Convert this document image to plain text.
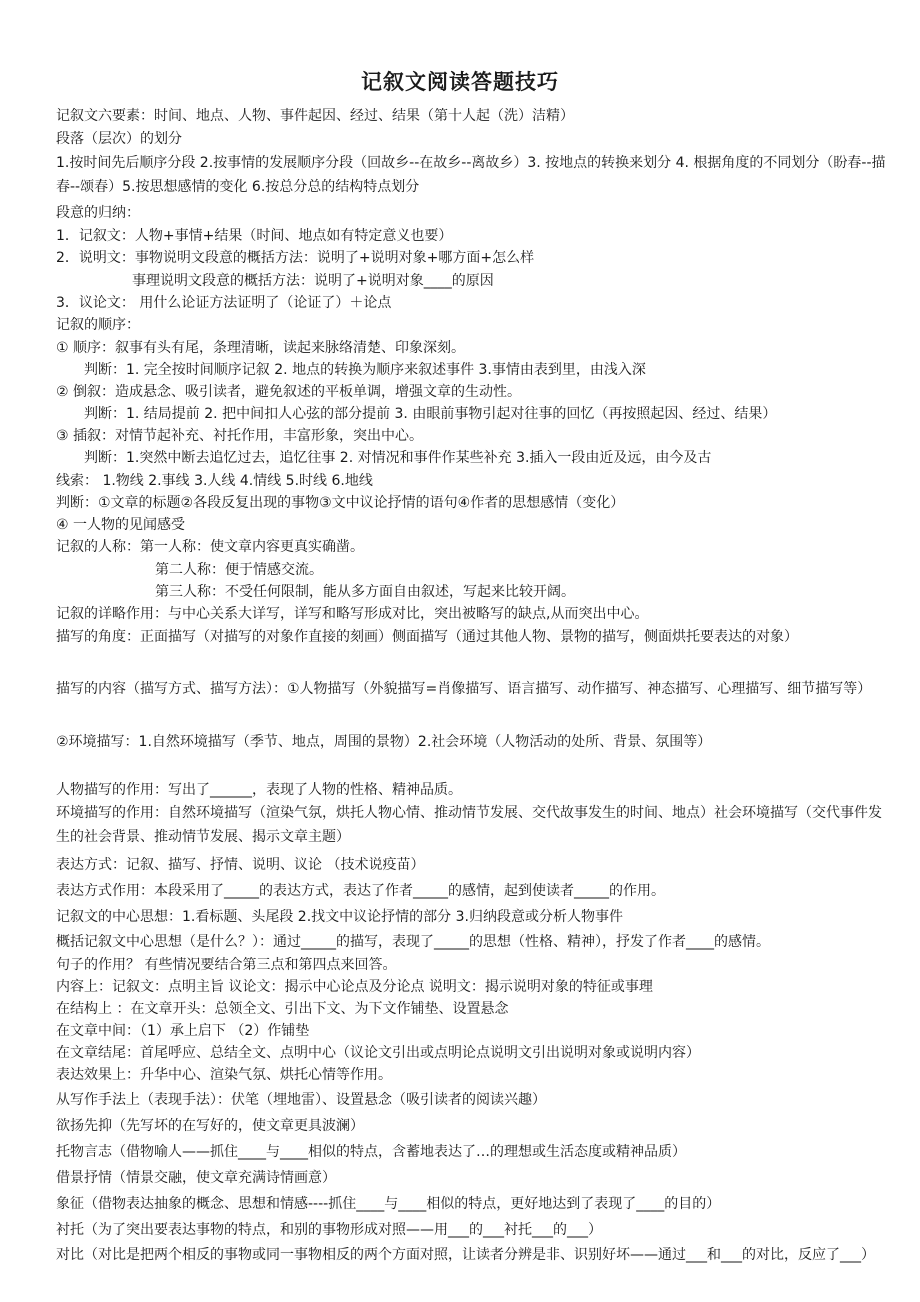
记叙文阅读答题技巧
记叙文六要素：时间、地点、人物、事件起因、经过、结果（第十人起（洗）洁精）
段落（层次）的划分
1.按时间先后顺序分段 2.按事情的发展顺序分段（回故乡--在故乡--离故乡）3. 按地点的转换来划分 4. 根据角度的不同划分（盼春--描春--颂春）5.按思想感情的变化 6.按总分总的结构特点划分
段意的归纳：
1．记叙文：人物+事情+结果（时间、地点如有特定意义也要）
2．说明文：事物说明文段意的概括方法：说明了+说明对象+哪方面+怎么样
事理说明文段意的概括方法：说明了+说明对象____的原因
3．议论文： 用什么论证方法证明了（论证了）＋论点
记叙的顺序：
① 顺序：叙事有头有尾，条理清晰，读起来脉络清楚、印象深刻。
判断：1. 完全按时间顺序记叙 2. 地点的转换为顺序来叙述事件 3.事情由表到里，由浅入深
② 倒叙：造成悬念、吸引读者，避免叙述的平板单调，增强文章的生动性。
判断：1. 结局提前 2. 把中间扣人心弦的部分提前 3. 由眼前事物引起对往事的回忆（再按照起因、经过、结果）
③ 插叙：对情节起补充、衬托作用，丰富形象，突出中心。
判断：1.突然中断去追忆过去，追忆往事 2. 对情况和事件作某些补充 3.插入一段由近及远，由今及古
线索： 1.物线 2.事线 3.人线 4.情线 5.时线 6.地线
判断：①文章的标题②各段反复出现的事物③文中议论抒情的语句④作者的思想感情（变化）
④ 一人物的见闻感受
记叙的人称：第一人称：使文章内容更真实确凿。
第二人称：便于情感交流。
第三人称：不受任何限制，能从多方面自由叙述，写起来比较开阔。
记叙的详略作用：与中心关系大详写，详写和略写形成对比，突出被略写的缺点,从而突出中心。
描写的角度：正面描写（对描写的对象作直接的刻画）侧面描写（通过其他人物、景物的描写，侧面烘托要表达的对象）
描写的内容（描写方式、描写方法）：①人物描写（外貌描写=肖像描写、语言描写、动作描写、神态描写、心理描写、细节描写等）
②环境描写：1.自然环境描写（季节、地点，周围的景物）2.社会环境（人物活动的处所、背景、氛围等）
人物描写的作用：写出了______，表现了人物的性格、精神品质。
环境描写的作用：自然环境描写（渲染气氛，烘托人物心情、推动情节发展、交代故事发生的时间、地点）社会环境描写（交代事件发生的社会背景、推动情节发展、揭示文章主题）
表达方式：记叙、描写、抒情、说明、议论 （技术说疫苗）
表达方式作用：本段采用了_____的表达方式，表达了作者_____的感情，起到使读者_____的作用。
记叙文的中心思想：1.看标题、头尾段 2.找文中议论抒情的部分 3.归纳段意或分析人物事件
概括记叙文中心思想（是什么？）：通过_____的描写，表现了_____的思想（性格、精神），抒发了作者____的感情。
句子的作用？ 有些情况要结合第三点和第四点来回答。
内容上：记叙文：点明主旨 议论文：揭示中心论点及分论点 说明文：揭示说明对象的特征或事理
在结构上 ：在文章开头：总领全文、引出下文、为下文作铺垫、设置悬念
在文章中间：（1）承上启下 （2）作铺垫
在文章结尾：首尾呼应、总结全文、点明中心（议论文引出或点明论点说明文引出说明对象或说明内容）
表达效果上：升华中心、渲染气氛、烘托心情等作用。
从写作手法上（表现手法）：伏笔（埋地雷）、设置悬念（吸引读者的阅读兴趣）
欲扬先抑（先写坏的在写好的，使文章更具波澜）
托物言志（借物喻人——抓住____与____相似的特点，含蓄地表达了…的理想或生活态度或精神品质）
借景抒情（情景交融，使文章充满诗情画意）
象征（借物表达抽象的概念、思想和情感----抓住____与____相似的特点，更好地达到了表现了____的目的）
衬托（为了突出要表达事物的特点，和别的事物形成对照——用___的___衬托___的___）
对比（对比是把两个相反的事物或同一事物相反的两个方面对照，让读者分辨是非、识别好坏——通过___和___的对比，反应了___）
